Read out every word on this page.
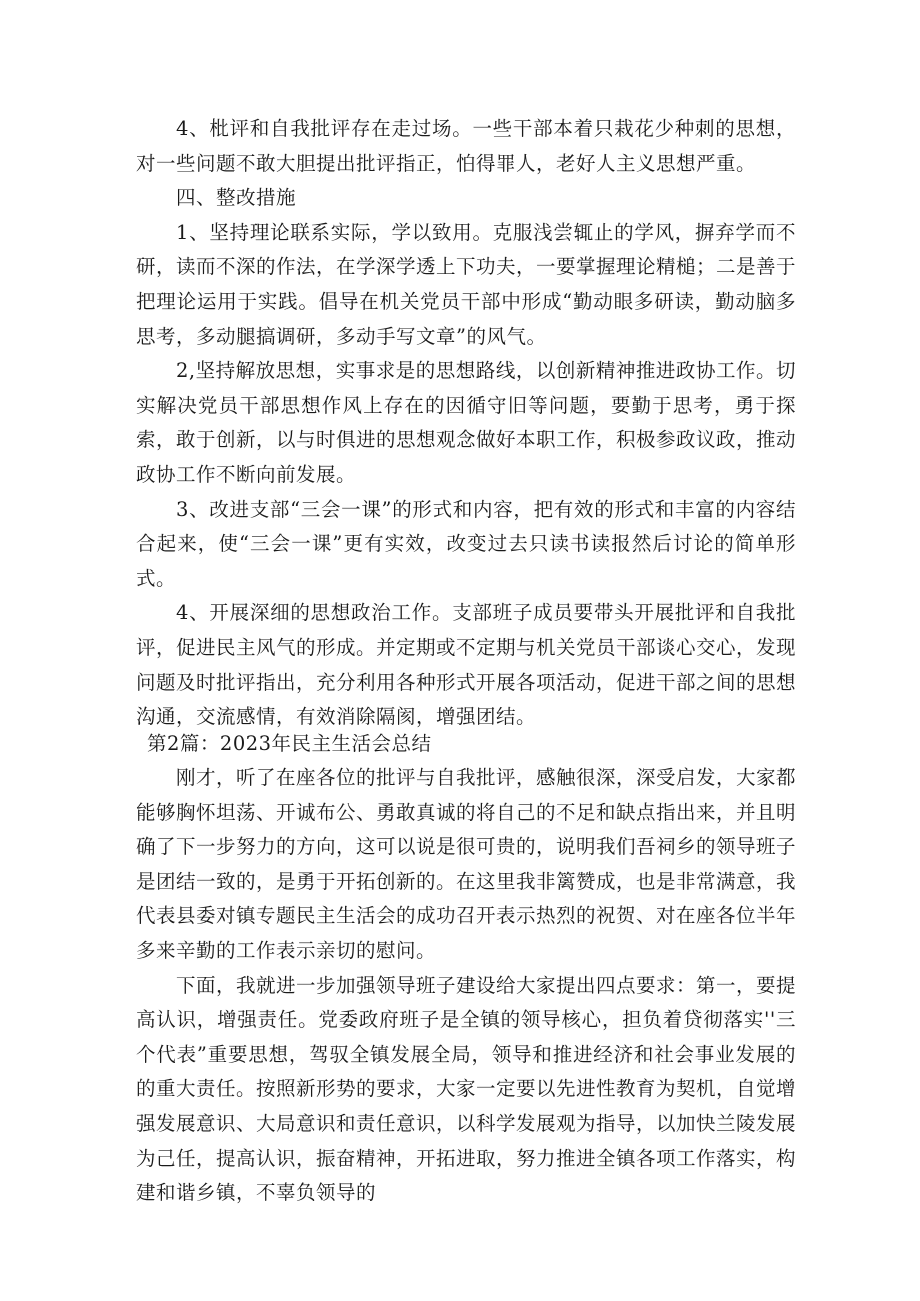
4、枇评和自我批评存在走过场。一些干部本着只栽花少种刺的思想，对一些问题不敢大胆提出批评指正，怕得罪人，老好人主义思想严重。

四、整改措施

1、坚持理论联系实际，学以致用。克服浅尝辄止的学风，摒弃学而不研，读而不深的作法，在学深学透上下功夫，一要掌握理论精槌；二是善于把理论运用于实践。倡导在机关党员干部中形成“勤动眼多研读，勤动脑多思考，多动腿搞调研，多动手写文章”的风气。

2,坚持解放思想，实事求是的思想路线，以创新精神推进政协工作。切实解决党员干部思想作风上存在的因循守旧等问题，要勤于思考，勇于探索，敢于创新，以与时俱进的思想观念做好本职工作，积极参政议政，推动政协工作不断向前发展。

3、改进支部“三会一课”的形式和内容，把有效的形式和丰富的内容结合起来，使“三会一课”更有实效，改变过去只读书读报然后讨论的简单形式。

4、开展深细的思想政治工作。支部班子成员要带头开展批评和自我批评，促进民主风气的形成。并定期或不定期与机关党员干部谈心交心，发现问题及时批评指出，充分利用各种形式开展各项活动，促进干部之间的思想沟通，交流感情，有效消除隔阂，增强团结。

第2篇：2023年民主生活会总结

刚才，听了在座各位的批评与自我批评，感触很深，深受启发，大家都能够胸怀坦荡、开诚布公、勇敢真诚的将自己的不足和缺点指出来，并且明确了下一步努力的方向，这可以说是很可贵的，说明我们吾祠乡的领导班子是团结一致的，是勇于开拓创新的。在这里我非篱赞成，也是非常满意，我代表县委对镇专题民主生活会的成功召开表示热烈的祝贺、对在座各位半年多来辛勤的工作表示亲切的慰问。

下面，我就进一步加强领导班子建设给大家提出四点要求：第一，要提高认识，增强责任。党委政府班子是全镇的领导核心，担负着贷彻落实''三个代表”重要思想，驾驭全镇发展全局，领导和推进经济和社会事业发展的的重大责任。按照新形势的要求，大家一定要以先进性教育为契机，自觉增强发展意识、大局意识和责任意识，以科学发展观为指导，以加快兰陵发展为己任，提高认识，振奋精神，开拓进取，努力推进全镇各项工作落实，构建和谐乡镇，不辜负领导的
